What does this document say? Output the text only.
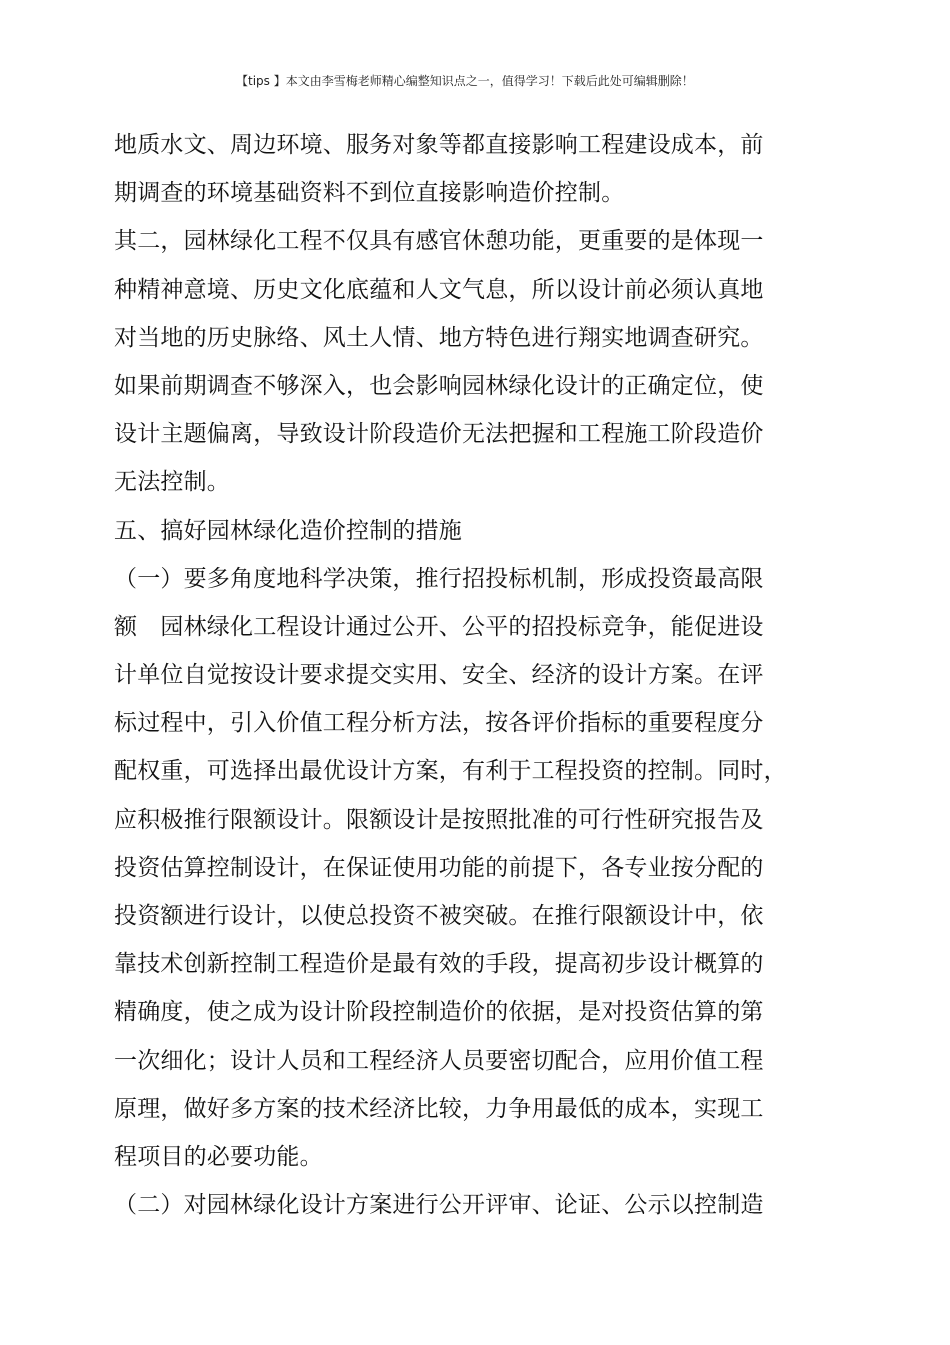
【tips 】本文由李雪梅老师精心编整知识点之一，值得学习！下载后此处可编辑删除！
地质水文、周边环境、服务对象等都直接影响工程建设成本，前
期调查的环境基础资料不到位直接影响造价控制。
其二，园林绿化工程不仅具有感官休憩功能，更重要的是体现一
种精神意境、历史文化底蕴和人文气息，所以设计前必须认真地
对当地的历史脉络、风土人情、地方特色进行翔实地调查研究。
如果前期调查不够深入，也会影响园林绿化设计的正确定位，使
设计主题偏离，导致设计阶段造价无法把握和工程施工阶段造价
无法控制。
五、搞好园林绿化造价控制的措施
（一）要多角度地科学决策，推行招投标机制，形成投资最高限
额　园林绿化工程设计通过公开、公平的招投标竞争，能促进设
计单位自觉按设计要求提交实用、安全、经济的设计方案。在评
标过程中，引入价值工程分析方法，按各评价指标的重要程度分
配权重，可选择出最优设计方案，有利于工程投资的控制。同时，
应积极推行限额设计。限额设计是按照批准的可行性研究报告及
投资估算控制设计，在保证使用功能的前提下，各专业按分配的
投资额进行设计，以使总投资不被突破。在推行限额设计中，依
靠技术创新控制工程造价是最有效的手段，提高初步设计概算的
精确度，使之成为设计阶段控制造价的依据，是对投资估算的第
一次细化；设计人员和工程经济人员要密切配合，应用价值工程
原理，做好多方案的技术经济比较，力争用最低的成本，实现工
程项目的必要功能。
（二）对园林绿化设计方案进行公开评审、论证、公示以控制造
